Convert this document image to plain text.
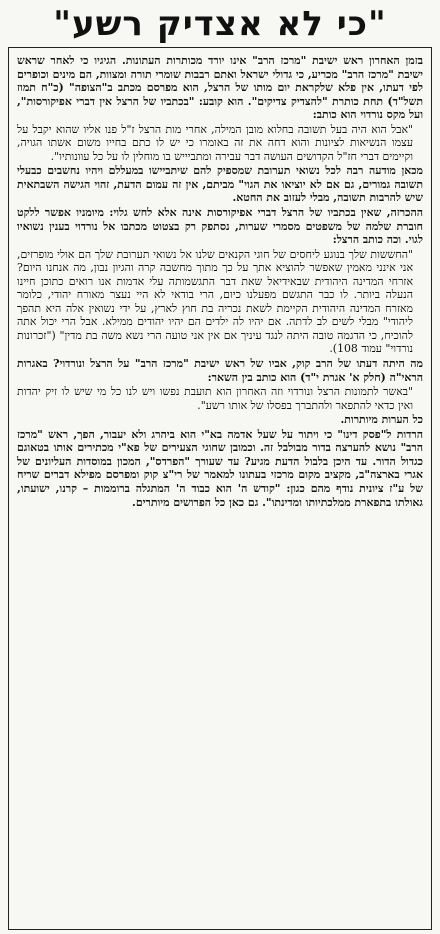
"כי לא אצדיק רשע"

בזמן האחרון ראש ישיבת "מרכז הרב" אינו יורד מכותרות העתונות. הגיגיו כי לאחר שראש ישיבת "מרכז הרב" מכריע, כי גדולי ישראל ואתם רבבות שומרי תורה ומצוות, הם מינים וכופרים לפי דעתו, אין פלא שלקראת יום מותו של הרצל, הוא מפרסם מכתב ב"הצופה" (כ"ח תמוז תשל"ד) תחת כותרת "להצדיק צדיקים". הוא קובע: "בכתביו של הרצל אין דברי אפיקורסות", ועל מקס נורדוי הוא כותב:

"אבל הוא היה בעל תשובה בחלוא מובן המילה, אחרי מות הרצל ז"ל פנו אליו שהוא יקבל על עצמו הנשיאות לציונות והוא דחה את זה באומרו כי יש לו כתם בחייו משום אשתו הגויה, וקיימים דברי חז"ל הקדושים העושה דבר עבירה ומתביייש בו מוחלין לו על כל עוונותיו".

מכאן מודעה רבה לכל נשואי תערובת שמספיק להם שיתביישו במעללם ויהיו נחשבים כבעלי תשובה גמורים, גם אם לא יוציאו את הגוי" מביתם, אין זה עמום הדעת, זהוי הגישה השבתאית שיש להרבות תשובה, מבלי לעזוב את החטא.

ההכרזה, שאין בכתביו של הרצל דברי אפיקורסות אינה אלא לחש גלוי: מיומניו אפשר ללקט חוברת שלמה של משפטים מסמרי שערות, נסתפק רק בצטוט מכתבו אל נורדוי בענין נשואיו לגוי. וכה כותב הרצל:

"החששות שלך בנוגע ליחסים של חוגי הקנאים שלנו אל נשואי תערובת שלך הם אולי מופרזים, אני אינני מאמין שאפשר להוציא אתך על כך מתוך מחשבה קרה והגיון נבון, מה אנחנו היום? אזרחי המדינה היהודית שבאידיאל שאת דבר התגשמותה עלי אדמות אנו רואים כתוכן חיינו הנעלה ביותר. לו כבר התגשם מפעלנו כיום, הרי בודאי לא היי נעצר מאורח יהודי, כלומר מאזרח המדינה היהודית הקיימת לשאת נכריה בת חוץ לארץ, על ידי נשואין אלה היא תהפך ליהודי" מבלי לשים לב לדתה. אם יהיו לה ילדים הם יהיו יהודים ממילא. אבל הרי יכול אתה להוכיח, כי הדגמה טובה היתה לנגד עיניך אם אין אני טועה הרי נשא משה בת מדין" ("זכרונות נורדוי" עמוד 108).

מה היתה דעתו של הרב קוק, אביו של ראש ישיבת "מרכז הרב" על הרצל ונורדוי? באגרות הראי"ה (חלק א' אגרת י"ד) הוא כותב בין השאר:

"באשר לתמונות הרצל ונורדוי וזה האחרון הוא תועבת נפשו ויש לנו כל מי שיש לו זיק יהדות ואין כדאי להתפאר ולהתברך בפסלו של אותו רשע".

כל הערות מיותרות.

הרדות ל"פסק דינו" כי ויתור על שעל אדמה בא"י הוא ביהרג ולא יעבור, הפך, ראש "מרכז הרב" נושא להערצה בדור מבולבל זה. וכמובן שחוגי הצעירים של פא"י מכתירים אותו בטאוגם כגדול הדור. עד היכן בלבול הדעת מגיע? עד שעורך "הפרדס", המכון במוסדות העליונים של אגרי בארצה"ב, מקציב מקום מרכזי בעתונו למאמר של רי"צ קוק ומפרסם מפילא דברים שריח של ע"ז ציונית נודף מהם כגון: "קודש ה' הוא כבוד ה' המתגלה ברוממות – קרנו, ישועתו, גאולתו בתפארת ממלכתיותו ומדינתו". גם כאן כל הפרושים מיותרים.
